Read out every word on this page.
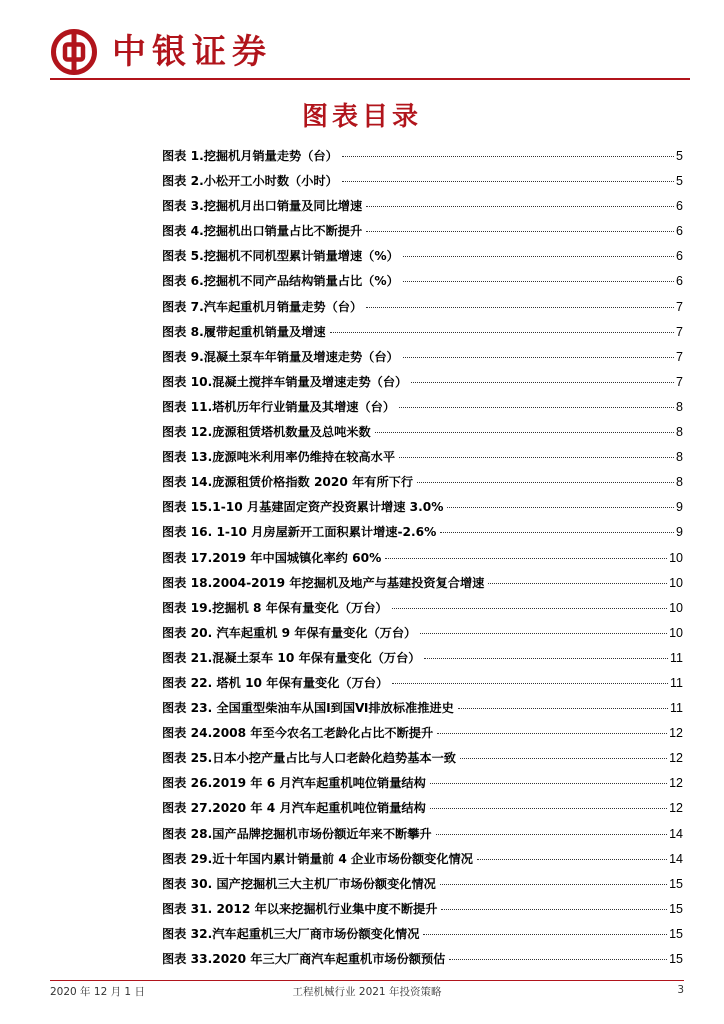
中银证券
图表目录
图表 1.挖掘机月销量走势（台）	5
图表 2.小松开工小时数（小时）	5
图表 3.挖掘机月出口销量及同比增速	6
图表 4.挖掘机出口销量占比不断提升	6
图表 5.挖掘机不同机型累计销量增速（%）	6
图表 6.挖掘机不同产品结构销量占比（%）	6
图表 7.汽车起重机月销量走势（台）	7
图表 8.履带起重机销量及增速	7
图表 9.混凝土泵车年销量及增速走势（台）	7
图表 10.混凝土搅拌车销量及增速走势（台）	7
图表 11.塔机历年行业销量及其增速（台）	8
图表 12.庞源租赁塔机数量及总吨米数	8
图表 13.庞源吨米利用率仍维持在较高水平	8
图表 14.庞源租赁价格指数 2020 年有所下行	8
图表 15.1-10 月基建固定资产投资累计增速 3.0%	9
图表 16. 1-10 月房屋新开工面积累计增速-2.6%	9
图表 17.2019 年中国城镇化率约 60%	10
图表 18.2004-2019 年挖掘机及地产与基建投资复合增速	10
图表 19.挖掘机 8 年保有量变化（万台）	10
图表 20. 汽车起重机 9 年保有量变化（万台）	10
图表 21.混凝土泵车 10 年保有量变化（万台）	11
图表 22. 塔机 10 年保有量变化（万台）	11
图表 23. 全国重型柴油车从国Ⅰ到国Ⅵ排放标准推进史	11
图表 24.2008 年至今农名工老龄化占比不断提升	12
图表 25.日本小挖产量占比与人口老龄化趋势基本一致	12
图表 26.2019 年 6 月汽车起重机吨位销量结构	12
图表 27.2020 年 4 月汽车起重机吨位销量结构	12
图表 28.国产品牌挖掘机市场份额近年来不断攀升	14
图表 29.近十年国内累计销量前 4 企业市场份额变化情况	14
图表 30. 国产挖掘机三大主机厂市场份额变化情况	15
图表 31. 2012 年以来挖掘机行业集中度不断提升	15
图表 32.汽车起重机三大厂商市场份额变化情况	15
图表 33.2020 年三大厂商汽车起重机市场份额预估	15
2020 年 12 月 1 日	工程机械行业 2021 年投资策略	3
